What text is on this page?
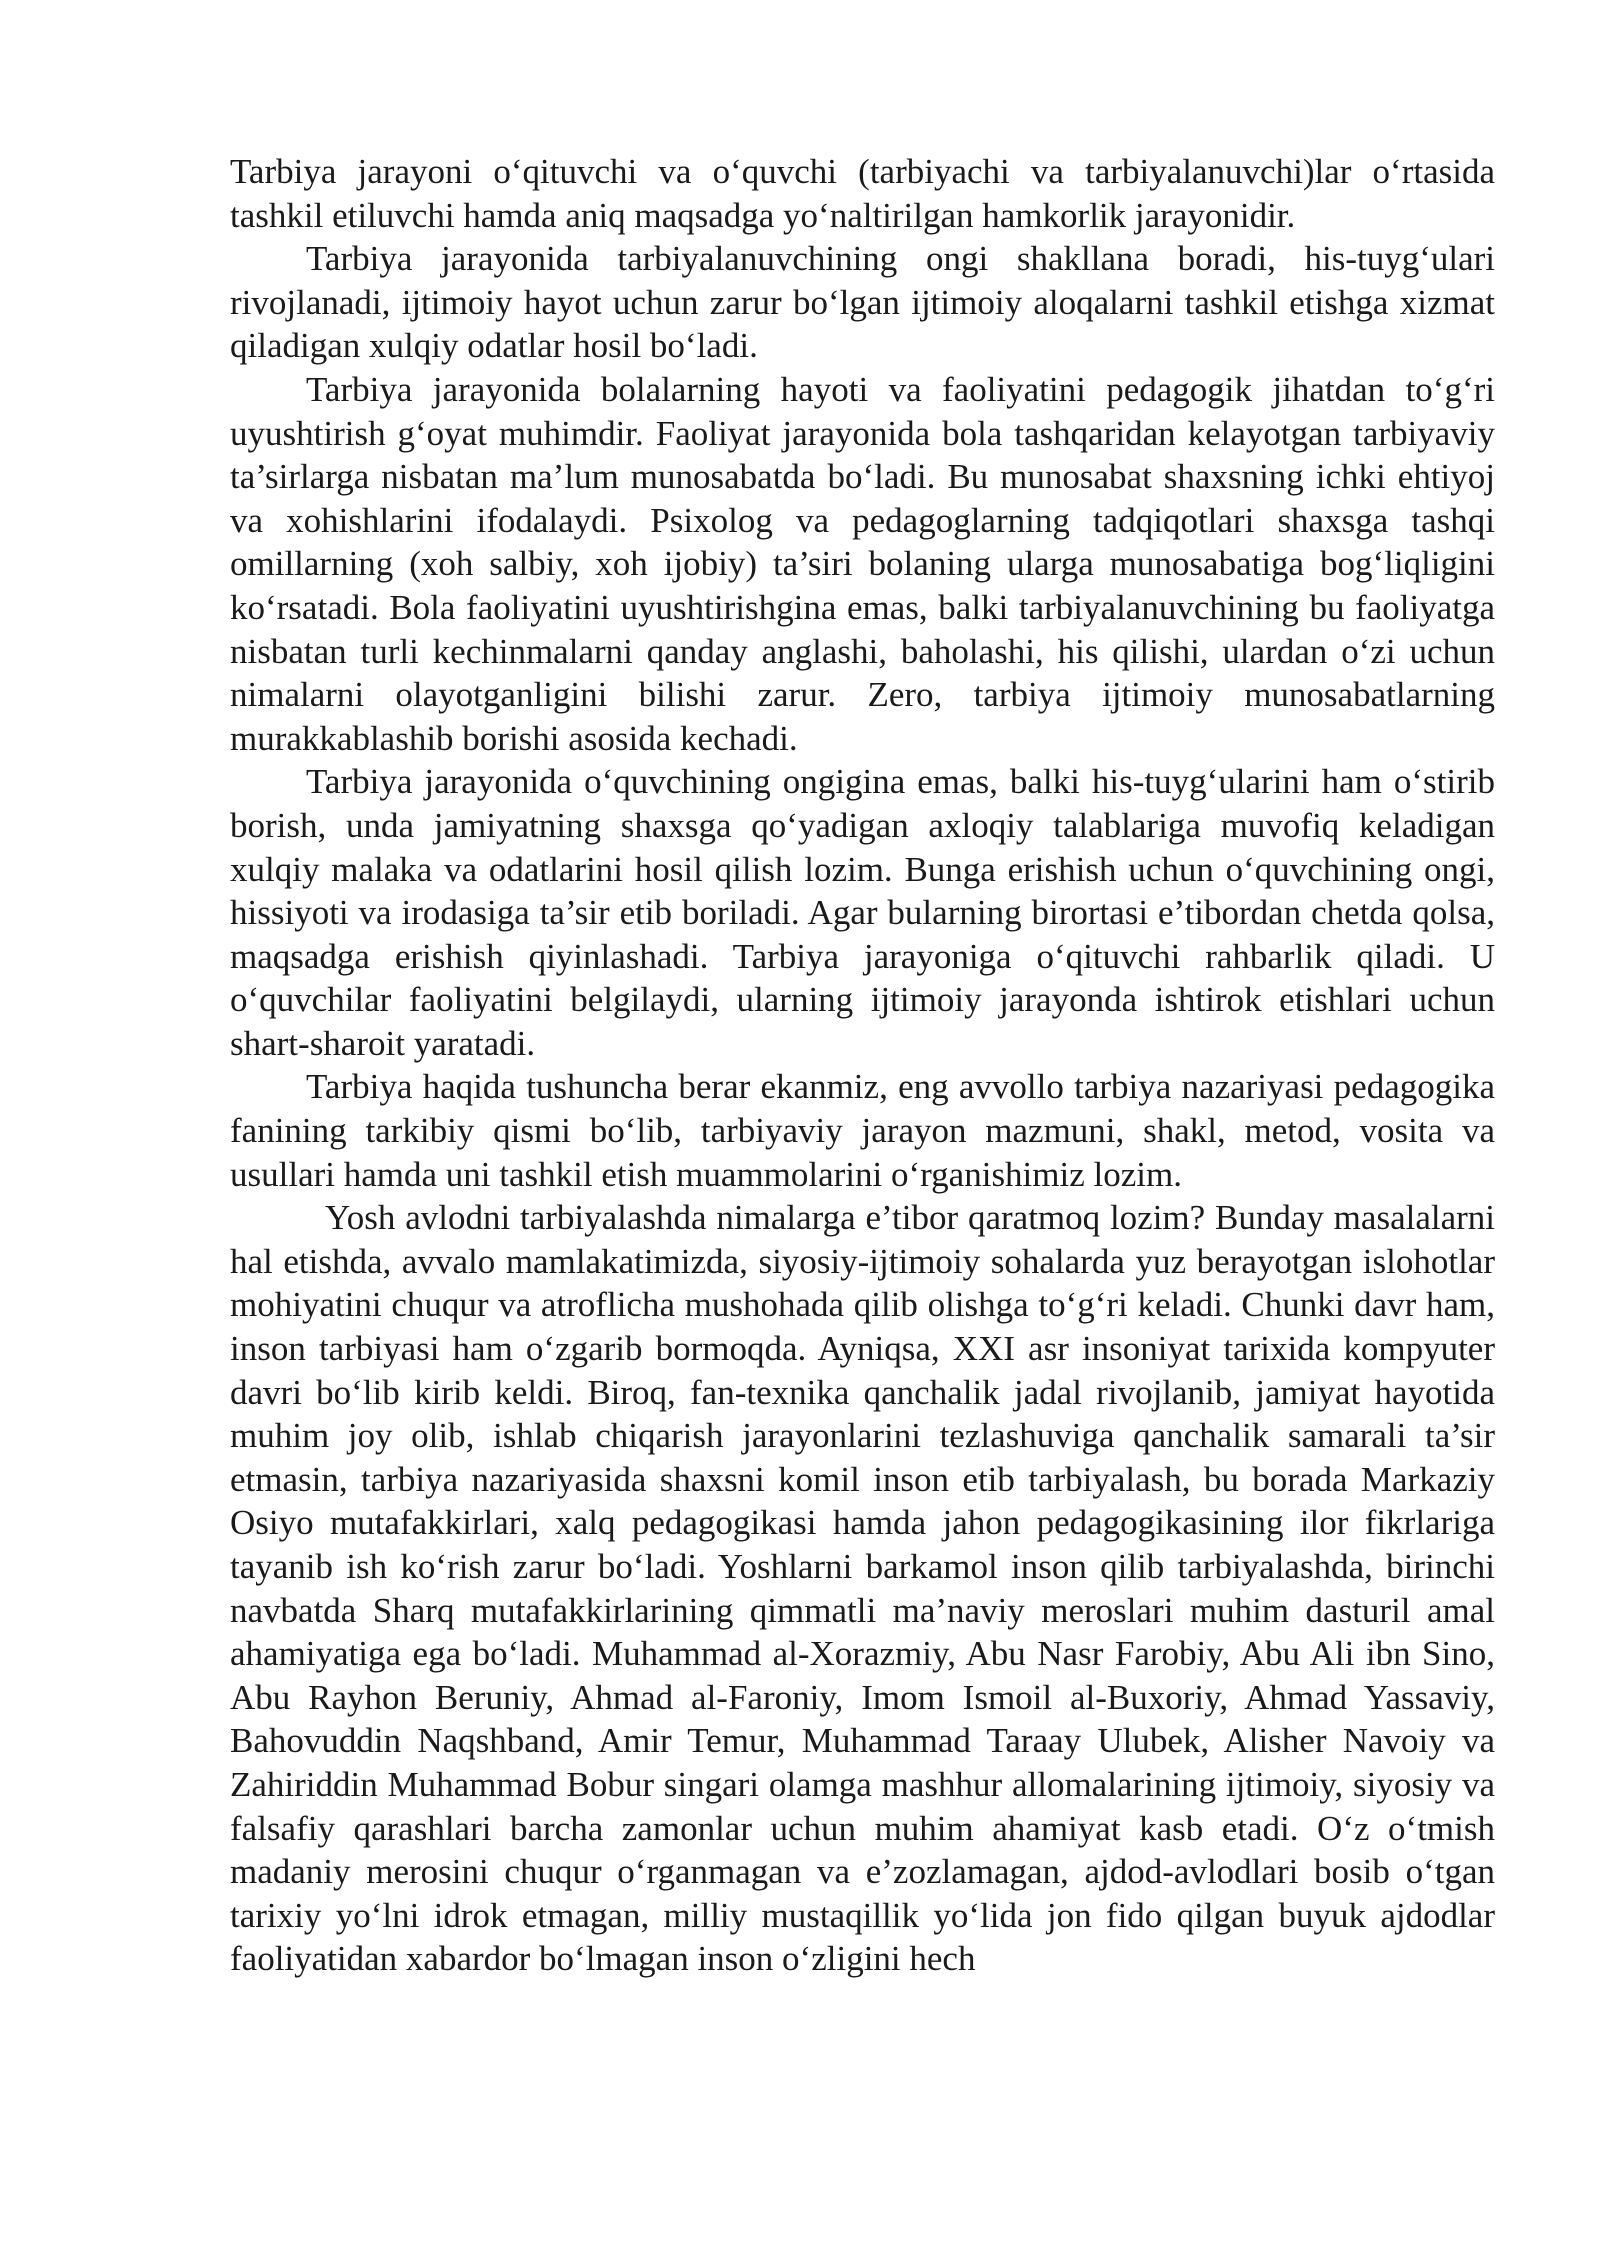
Tarbiya jarayoni o‘qituvchi va o‘quvchi (tarbiyachi va tarbiyalanuvchi)lar o‘rtasida tashkil etiluvchi hamda aniq maqsadga yo‘naltirilgan hamkorlik jarayonidir.

Tarbiya jarayonida tarbiyalanuvchining ongi shakllana boradi, his-tuyg‘ulari rivojlanadi, ijtimoiy hayot uchun zarur bo‘lgan ijtimoiy aloqalarni tashkil etishga xizmat qiladigan xulqiy odatlar hosil bo‘ladi.

Tarbiya jarayonida bolalarning hayoti va faoliyatini pedagogik jihatdan to‘g‘ri uyushtirish g‘oyat muhimdir. Faoliyat jarayonida bola tashqaridan kelayotgan tarbiyaviy ta’sirlarga nisbatan ma’lum munosabatda bo‘ladi. Bu munosabat shaxsning ichki ehtiyoj va xohishlarini ifodalaydi. Psixolog va pedagoglarning tadqiqotlari shaxsga tashqi omillarning (xoh salbiy, xoh ijobiy) ta’siri bolaning ularga munosabatiga bog‘liqligini ko‘rsatadi. Bola faoliyatini uyushtirishgina emas, balki tarbiyalanuvchining bu faoliyatga nisbatan turli kechinmalarni qanday anglashi, baholashi, his qilishi, ulardan o‘zi uchun nimalarni olayotganligini bilishi zarur. Zero, tarbiya ijtimoiy munosabatlarning murakkablashib borishi asosida kechadi.

Tarbiya jarayonida o‘quvchining ongigina emas, balki his-tuyg‘ularini ham o‘stirib borish, unda jamiyatning shaxsga qo‘yadigan axloqiy talablariga muvofiq keladigan xulqiy malaka va odatlarini hosil qilish lozim. Bunga erishish uchun o‘quvchining ongi, hissiyoti va irodasiga ta’sir etib boriladi. Agar bularning birortasi e’tibordan chetda qolsa, maqsadga erishish qiyinlashadi. Tarbiya jarayoniga o‘qituvchi rahbarlik qiladi. U o‘quvchilar faoliyatini belgilaydi, ularning ijtimoiy jarayonda ishtirok etishlari uchun shart-sharoit yaratadi.

Tarbiya haqida tushuncha berar ekanmiz, eng avvollo tarbiya nazariyasi pedagogika fanining tarkibiy qismi bo‘lib, tarbiyaviy jarayon mazmuni, shakl, metod, vosita va usullari hamda uni tashkil etish muammolarini o‘rganishimiz lozim.

Yosh avlodni tarbiyalashda nimalarga e’tibor qaratmoq lozim? Bunday masalalarni hal etishda, avvalo mamlakatimizda, siyosiy-ijtimoiy sohalarda yuz berayotgan islohotlar mohiyatini chuqur va atroflicha mushohada qilib olishga to‘g‘ri keladi. Chunki davr ham, inson tarbiyasi ham o‘zgarib bormoqda. Ayniqsa, XXI asr insoniyat tarixida kompyuter davri bo‘lib kirib keldi. Biroq, fan-texnika qanchalik jadal rivojlanib, jamiyat hayotida muhim joy olib, ishlab chiqarish jarayonlarini tezlashuviga qanchalik samarali ta’sir etmasin, tarbiya nazariyasida shaxsni komil inson etib tarbiyalash, bu borada Markaziy Osiyo mutafakkirlari, xalq pedagogikasi hamda jahon pedagogikasining ilor fikrlariga tayanib ish ko‘rish zarur bo‘ladi. Yoshlarni barkamol inson qilib tarbiyalashda, birinchi navbatda Sharq mutafakkirlarining qimmatli ma’naviy meroslari muhim dasturil amal ahamiyatiga ega bo‘ladi. Muhammad al-Xorazmiy, Abu Nasr Farobiy, Abu Ali ibn Sino, Abu Rayhon Beruniy, Ahmad al-Faroniy, Imom Ismoil al-Buxoriy, Ahmad Yassaviy, Bahovuddin Naqshband, Amir Temur, Muhammad Taraay Ulubek, Alisher Navoiy va Zahiriddin Muhammad Bobur singari olamga mashhur allomalarining ijtimoiy, siyosiy va falsafiy qarashlari barcha zamonlar uchun muhim ahamiyat kasb etadi. O‘z o‘tmish madaniy merosini chuqur o‘rganmagan va e’zozlamagan, ajdod-avlodlari bosib o‘tgan tarixiy yo‘lni idrok etmagan, milliy mustaqillik yo‘lida jon fido qilgan buyuk ajdodlar faoliyatidan xabardor bo‘lmagan inson o‘zligini hech
